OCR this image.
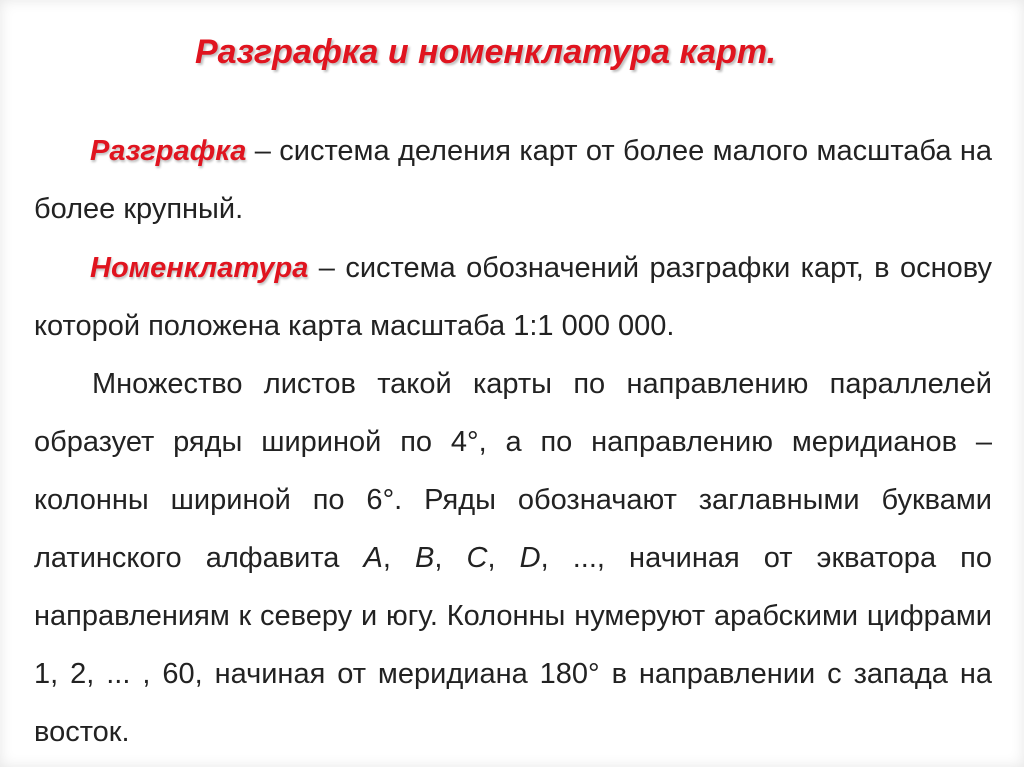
Разграфка и номенклатура карт.

Разграфка – система деления карт от более малого масштаба на более крупный.

Номенклатура – система обозначений разграфки карт, в основу которой положена карта масштаба 1:1 000 000.

Множество листов такой карты по направлению параллелей образует ряды шириной по 4°, а по направлению меридианов – колонны шириной по 6°. Ряды обозначают заглавными буквами латинского алфавита A, B, C, D, ..., начиная от экватора по направлениям к северу и югу. Колонны нумеруют арабскими цифрами 1, 2, ... , 60, начиная от меридиана 180° в направлении с запада на восток.
